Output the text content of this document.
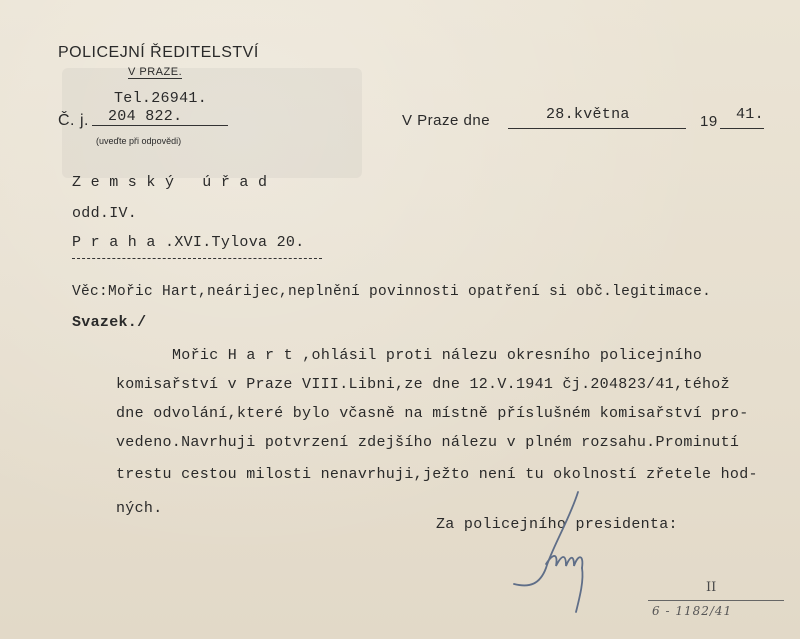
POLICEJNÍ ŘEDITELSTVÍ
V PRAZE.
Tel.26941.
Č. j.	204 822.
(uveďte při odpovědi)
V Praze dne	28.května	19 41.
Z e m s k ý   ú ř a d
odd.IV.
P r a h a .XVI.Tylova 20.
Věc:Mořic Hart,neárijec,neplnění povinnosti opatření si obč.legitimace.
Svazek./
Mořic H a r t ,ohlásil proti nálezu okresního policejního
komisařství v Praze VIII.Libni,ze dne 12.V.1941 čj.204823/41,téhož
dne odvolání,které bylo včasně na místně příslušném komisařství pro-
vedeno.Navrhuji potvrzení zdejšího nálezu v plném rozsahu.Prominutí
trestu cestou milosti nenavrhuji,ježto není tu okolností zřetele hod-
ných.
Za policejního presidenta:
II
6 - 1182/41
